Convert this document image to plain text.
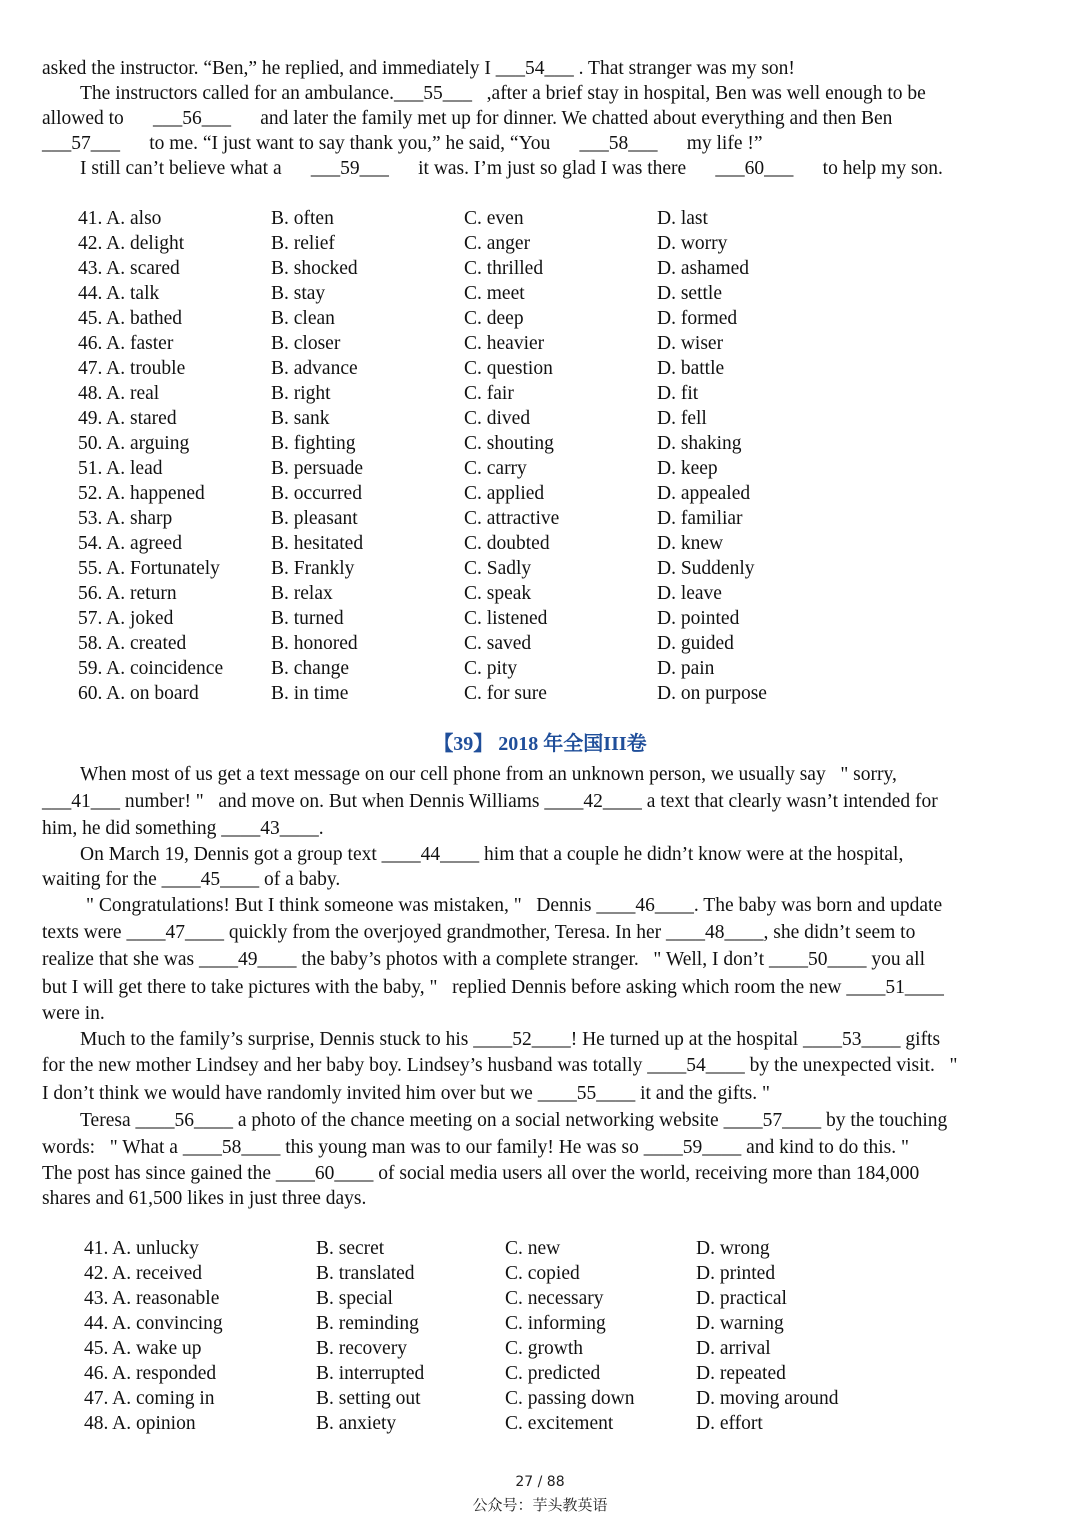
asked the instructor. “Ben,” he replied, and immediately I ___54___ . That stranger was my son!
The instructors called for an ambulance.___55___   ,after a brief stay in hospital, Ben was well enough to be
allowed to      ___56___      and later the family met up for dinner. We chatted about everything and then Ben
___57___      to me. “I just want to say thank you,” he said, “You      ___58___      my life !”
I still can’t believe what a      ___59___      it was. I’m just so glad I was there      ___60___      to help my son.
41. A. also	B. often	C. even	D. last
42. A. delight	B. relief	C. anger	D. worry
43. A. scared	B. shocked	C. thrilled	D. ashamed
44. A. talk	B. stay	C. meet	D. settle
45. A. bathed	B. clean	C. deep	D. formed
46. A. faster	B. closer	C. heavier	D. wiser
47. A. trouble	B. advance	C. question	D. battle
48. A. real	B. right	C. fair	D. fit
49. A. stared	B. sank	C. dived	D. fell
50. A. arguing	B. fighting	C. shouting	D. shaking
51. A. lead	B. persuade	C. carry	D. keep
52. A. happened	B. occurred	C. applied	D. appealed
53. A. sharp	B. pleasant	C. attractive	D. familiar
54. A. agreed	B. hesitated	C. doubted	D. knew
55. A. Fortunately	B. Frankly	C. Sadly	D. Suddenly
56. A. return	B. relax	C. speak	D. leave
57. A. joked	B. turned	C. listened	D. pointed
58. A. created	B. honored	C. saved	D. guided
59. A. coincidence B. change	C. pity	D. pain
60. A. on board	B. in time	C. for sure	D. on purpose
【39】 2018 年全国III卷
When most of us get a text message on our cell phone from an unknown person, we usually say   " sorry,
___41___ number! "   and move on. But when Dennis Williams ____42____ a text that clearly wasn’t intended for
him, he did something ____43____.
On March 19, Dennis got a group text ____44____ him that a couple he didn’t know were at the hospital,
waiting for the ____45____ of a baby.
" Congratulations! But I think someone was mistaken, "   Dennis ____46____. The baby was born and update
texts were ____47____ quickly from the overjoyed grandmother, Teresa. In her ____48____, she didn’t seem to
realize that she was ____49____ the baby’s photos with a complete stranger.   " Well, I don’t ____50____ you all
but I will get there to take pictures with the baby, "   replied Dennis before asking which room the new ____51____
were in.
Much to the family’s surprise, Dennis stuck to his ____52____! He turned up at the hospital ____53____ gifts
for the new mother Lindsey and her baby boy. Lindsey’s husband was totally ____54____ by the unexpected visit.   "
I don’t think we would have randomly invited him over but we ____55____ it and the gifts. "
Teresa ____56____ a photo of the chance meeting on a social networking website ____57____ by the touching
words:   " What a ____58____ this young man was to our family! He was so ____59____ and kind to do this. "
The post has since gained the ____60____ of social media users all over the world, receiving more than 184,000
shares and 61,500 likes in just three days.
41. A. unlucky	B. secret	C. new	D. wrong
42. A. received	B. translated	C. copied	D. printed
43. A. reasonable	B. special	C. necessary	D. practical
44. A. convincing	B. reminding	C. informing	D. warning
45. A. wake up	B. recovery	C. growth	D. arrival
46. A. responded	B. interrupted	C. predicted	D. repeated
47. A. coming in	B. setting out	C. passing down	D. moving around
48. A. opinion	B. anxiety	C. excitement	D. effort
27 / 88
公众号：芋头教英语
